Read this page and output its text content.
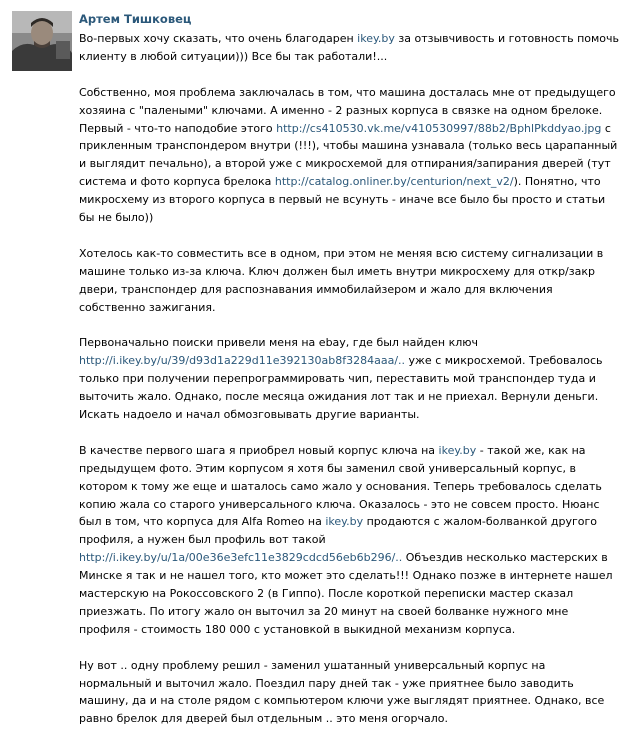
Артем Тишковец
Во-первых хочу сказать, что очень благодарен ikey.by за отзывчивость и готовность помочь клиенту в любой ситуации))) Все бы так работали!...
Собственно, моя проблема заключалась в том, что машина досталась мне от предыдущего хозяина с "палеными" ключами. А именно - 2 разных корпуса в связке на одном брелоке. Первый - что-то наподобие этого http://cs410530.vk.me/v410530997/88b2/BphlPkddyao.jpg с прикленным транспондером внутри (!!!), чтобы машина узнавала (только весь царапанный и выглядит печально), а второй уже с микросхемой для отпирания/запирания дверей (тут система и фото корпуса брелока http://catalog.onliner.by/centurion/next_v2/). Понятно, что микросхему из второго корпуса в первый не всунуть - иначе все было бы просто и статьи бы не было))
Хотелось как-то совместить все в одном, при этом не меняя всю систему сигнализации в машине только из-за ключа. Ключ должен был иметь внутри микросхему для откр/закр двери, транспондер для распознавания иммобилайзером и жало для включения собственно зажигания.
Первоначально поиски привели меня на ebay, где был найден ключ http://i.ikey.by/u/39/d93d1a229d11e392130ab8f3284aaa/.. уже с микросхемой. Требовалось только при получении перепрограммировать чип, переставить мой транспондер туда и выточить жало. Однако, после месяца ожидания лот так и не приехал. Вернули деньги. Искать надоело и начал обмозговывать другие варианты.
В качестве первого шага я приобрел новый корпус ключа на ikey.by - такой же, как на предыдущем фото. Этим корпусом я хотя бы заменил свой универсальный корпус, в котором к тому же еще и шаталось само жало у основания. Теперь требовалось сделать копию жала со старого универсального ключа. Оказалось - это не совсем просто. Нюанс был в том, что корпуса для Alfa Romeo на ikey.by продаются с жалом-болванкой другого профиля, а нужен был профиль вот такой http://i.ikey.by/u/1a/00e36e3efc11e3829cdcd56eb6b296/.. Объездив несколько мастерских в Минске я так и не нашел того, кто может это сделать!!! Однако позже в интернете нашел мастерскую на Рокоссовского 2 (в Гиппо). После короткой переписки мастер сказал приезжать. По итогу жало он выточил за 20 минут на своей болванке нужного мне профиля - стоимость 180 000 с установкой в выкидной механизм корпуса.
Ну вот .. одну проблему решил - заменил ушатанный универсальный корпус на нормальный и выточил жало. Поездил пару дней так - уже приятнее было заводить машину, да и на столе рядом с компьютером ключи уже выглядят приятнее. Однако, все равно брелок для дверей был отдельным .. это меня огорчало.
